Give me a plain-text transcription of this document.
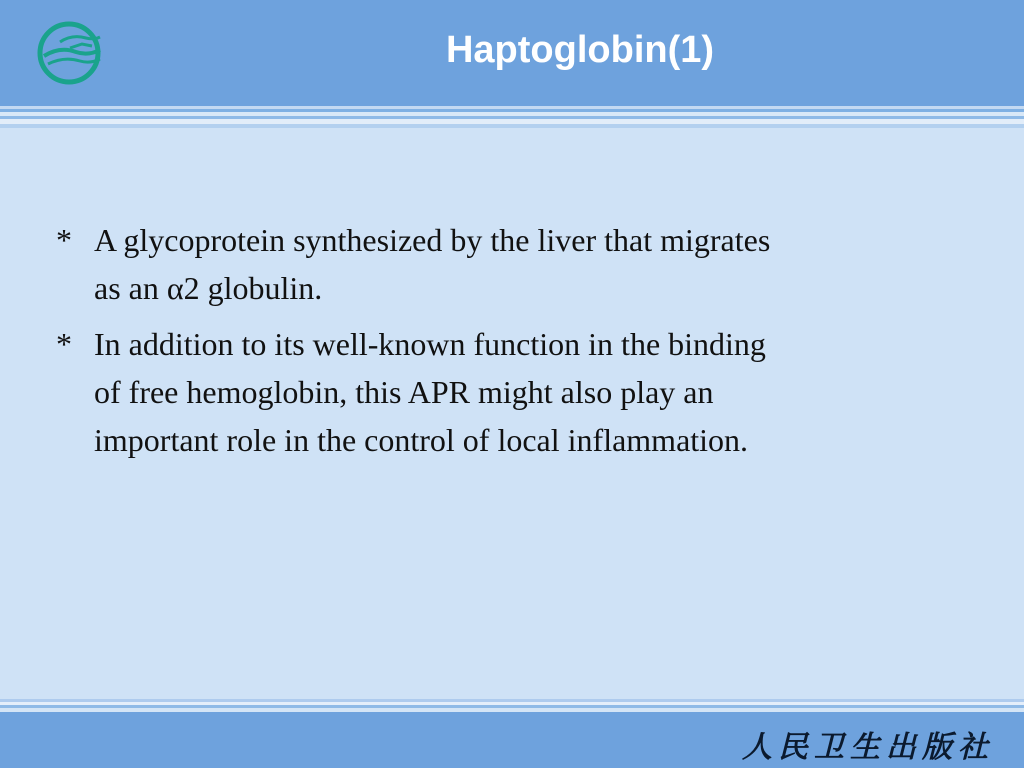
Haptoglobin(1)
* A glycoprotein synthesized by the liver that migrates
as an α2 globulin.
* In addition to its well-known function in the binding
of free hemoglobin, this APR might also play an
important role in the control of local inflammation.
人民卫生出版社
